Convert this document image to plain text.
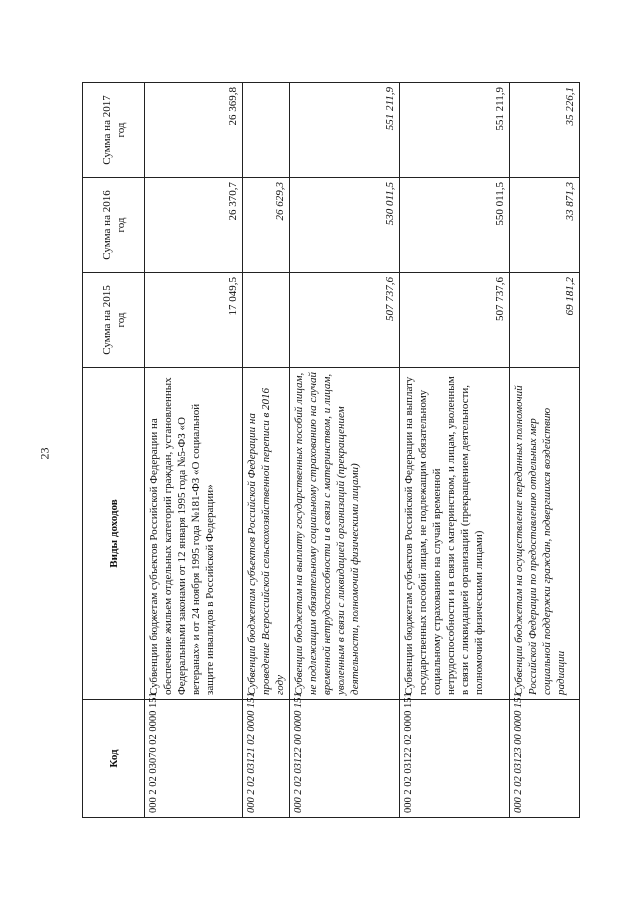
23
Код	Виды доходов	Сумма на 2015 год	Сумма на 2016 год	Сумма на 2017 год
000 2 02 03070 02 0000 151	Субвенции бюджетам субъектов Российской Федерации на обеспечение жильем отдельных категорий граждан, установленных Федеральными законами от 12 января 1995 года №5-ФЗ «О ветеранах» и от 24 ноября 1995 года №181-ФЗ «О социальной защите инвалидов в Российской Федерации»	17 049,5	26 370,7	26 369,8
000 2 02 03121 02 0000 151	Субвенции бюджетам субъектов Российской Федерации на проведение Всероссийской сельскохозяйственной переписи в 2016 году		26 629,3	
000 2 02 03122 00 0000 151	Субвенции бюджетам на выплату государственных пособий лицам, не подлежащим обязательному социальному страхованию на случай временной нетрудоспособности и в связи с материнством, и лицам, уволенным в связи с ликвидацией организаций (прекращением деятельности, полномочий физическими лицами)	507 737,6	530 011,5	551 211,9
000 2 02 03122 02 0000 151	Субвенции бюджетам субъектов Российской Федерации на выплату государственных пособий лицам, не подлежащим обязательному социальному страхованию на случай временной нетрудоспособности и в связи с материнством, и лицам, уволенным в связи с ликвидацией организаций (прекращением деятельности, полномочий физическими лицами)	507 737,6	550 011,5	551 211,9
000 2 02 03123 00 0000 151	Субвенции бюджетам на осуществление переданных полномочий Российской Федерации по предоставлению отдельных мер социальной поддержки граждан, подвергшихся воздействию радиации	69 181,2	33 871,3	35 226,1
